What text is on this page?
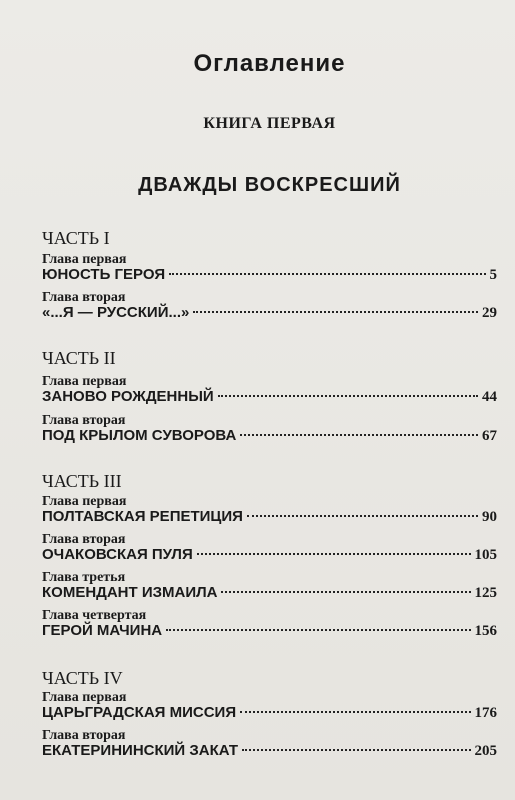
Оглавление
КНИГА ПЕРВАЯ
ДВАЖДЫ ВОСКРЕСШИЙ
ЧАСТЬ I
Глава первая
ЮНОСТЬ ГЕРОЯ	5
Глава вторая
«...Я — РУССКИЙ...»	29
ЧАСТЬ II
Глава первая
ЗАНОВО РОЖДЕННЫЙ	44
Глава вторая
ПОД КРЫЛОМ СУВОРОВА	67
ЧАСТЬ III
Глава первая
ПОЛТАВСКАЯ РЕПЕТИЦИЯ	90
Глава вторая
ОЧАКОВСКАЯ ПУЛЯ	105
Глава третья
КОМЕНДАНТ ИЗМАИЛА	125
Глава четвертая
ГЕРОЙ МАЧИНА	156
ЧАСТЬ IV
Глава первая
ЦАРЬГРАДСКАЯ МИССИЯ	176
Глава вторая
ЕКАТЕРИНИНСКИЙ ЗАКАТ	205
